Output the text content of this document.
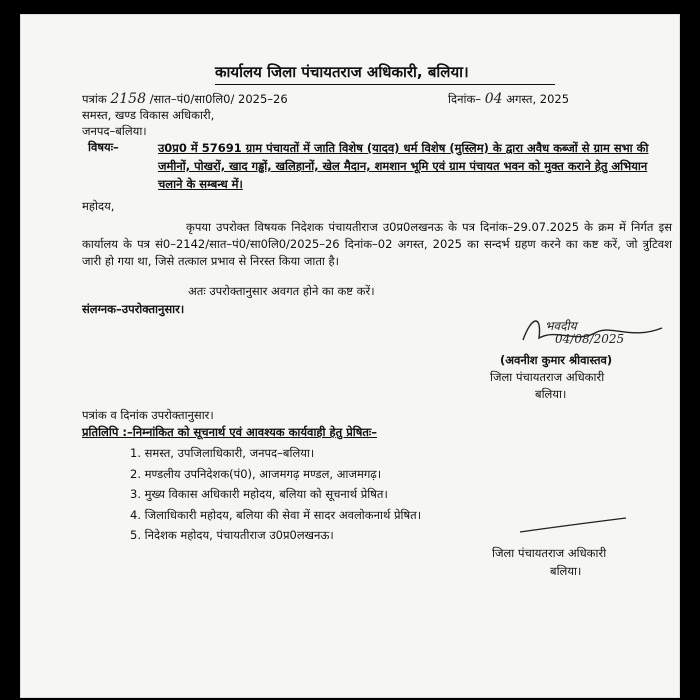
कार्यालय जिला पंचायतराज अधिकारी, बलिया।
पत्रांक 2158 /सात–पं0/सा0लि0/ 2025–26	दिनांक– 04 अगस्त, 2025
समस्त, खण्ड विकास अधिकारी,
जनपद–बलिया।
विषयः–	उ0प्र0 में 57691 ग्राम पंचायतों में जाति विशेष (यादव) धर्म विशेष (मुस्लिम) के द्वारा अवैध कब्जों से ग्राम सभा की जमीनों, पोखरों, खाद गड्ढों, खलिहानों, खेल मैदान, शमशान भूमि एवं ग्राम पंचायत भवन को मुक्त कराने हेतु अभियान चलाने के सम्बन्ध में।
महोदय,
कृपया उपरोक्त विषयक निदेशक पंचायतीराज उ0प्र0लखनऊ के पत्र दिनांक–29.07.2025 के क्रम में निर्गत इस कार्यालय के पत्र सं0–2142/सात–पं0/सा0लि0/2025–26 दिनांक–02 अगस्त, 2025 का सन्दर्भ ग्रहण करने का कष्ट करें, जो त्रुटिवश जारी हो गया था, जिसे तत्काल प्रभाव से निरस्त किया जाता है।
अतः उपरोक्तानुसार अवगत होने का कष्ट करें।
संलग्नक–उपरोक्तानुसार।
भवदीय
04/08/2025
(अवनीश कुमार श्रीवास्तव)
जिला पंचायतराज अधिकारी
बलिया।
पत्रांक व दिनांक उपरोक्तानुसार।
प्रतिलिपि :–निम्नांकित को सूचनार्थ एवं आवश्यक कार्यवाही हेतु प्रेषितः–
1. समस्त, उपजिलाधिकारी, जनपद–बलिया।
2. मण्डलीय उपनिदेशक(पं0), आजमगढ़ मण्डल, आजमगढ़।
3. मुख्य विकास अधिकारी महोदय, बलिया को सूचनार्थ प्रेषित।
4. जिलाधिकारी महोदय, बलिया की सेवा में सादर अवलोकनार्थ प्रेषित।
5. निदेशक महोदय, पंचायतीराज उ0प्र0लखनऊ।
जिला पंचायतराज अधिकारी
बलिया।
